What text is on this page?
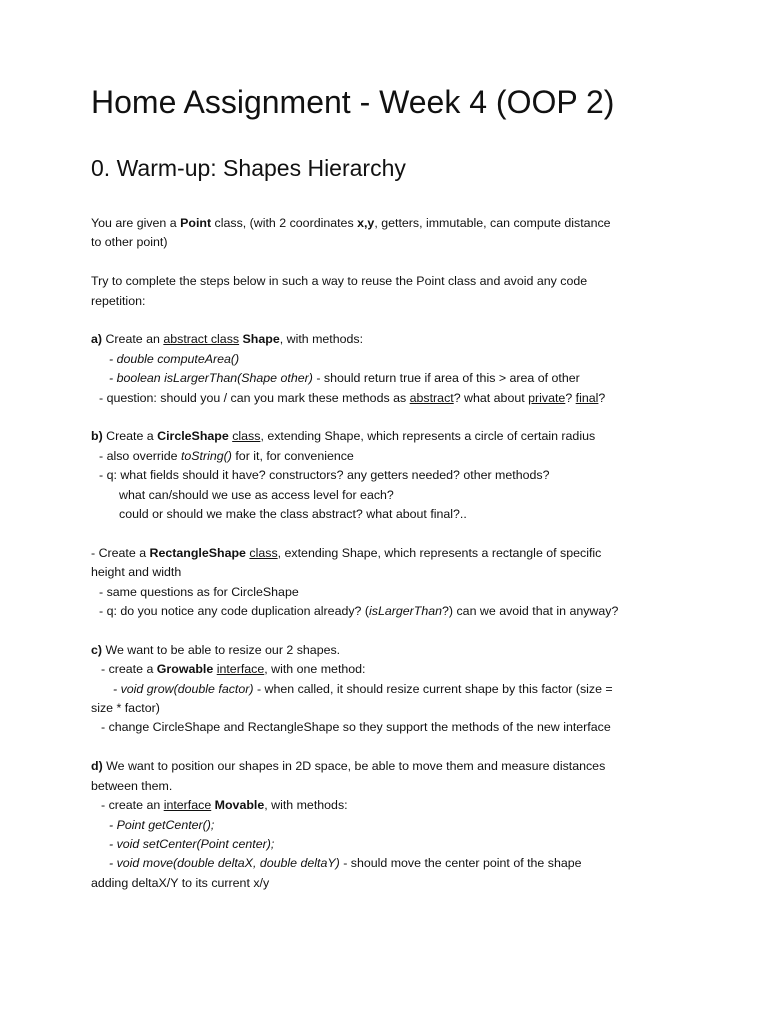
Home Assignment - Week 4 (OOP 2)
0. Warm-up: Shapes Hierarchy

You are given a Point class, (with 2 coordinates x,y, getters, immutable, can compute distance

to other point)

Try to complete the steps below in such a way to reuse the Point class and avoid any code

repetition:

a) Create an abstract class Shape, with methods:

- double computeArea()

- boolean isLargerThan(Shape other) - should return true if area of this > area of other

- question: should you / can you mark these methods as abstract? what about private? final?

b) Create a CircleShape class, extending Shape, which represents a circle of certain radius

- also override toString() for it, for convenience

- q: what fields should it have? constructors? any getters needed? other methods?

what can/should we use as access level for each?

could or should we make the class abstract? what about final?..

- Create a RectangleShape class, extending Shape, which represents a rectangle of specific

height and width

- same questions as for CircleShape

- q: do you notice any code duplication already? (isLargerThan?) can we avoid that in anyway?

c) We want to be able to resize our 2 shapes.

- create a Growable interface, with one method:

- void grow(double factor) - when called, it should resize current shape by this factor (size =

size * factor)

- change CircleShape and RectangleShape so they support the methods of the new interface

d) We want to position our shapes in 2D space, be able to move them and measure distances

between them.

- create an interface Movable, with methods:

- Point getCenter();

- void setCenter(Point center);

- void move(double deltaX, double deltaY) - should move the center point of the shape

adding deltaX/Y to its current x/y
